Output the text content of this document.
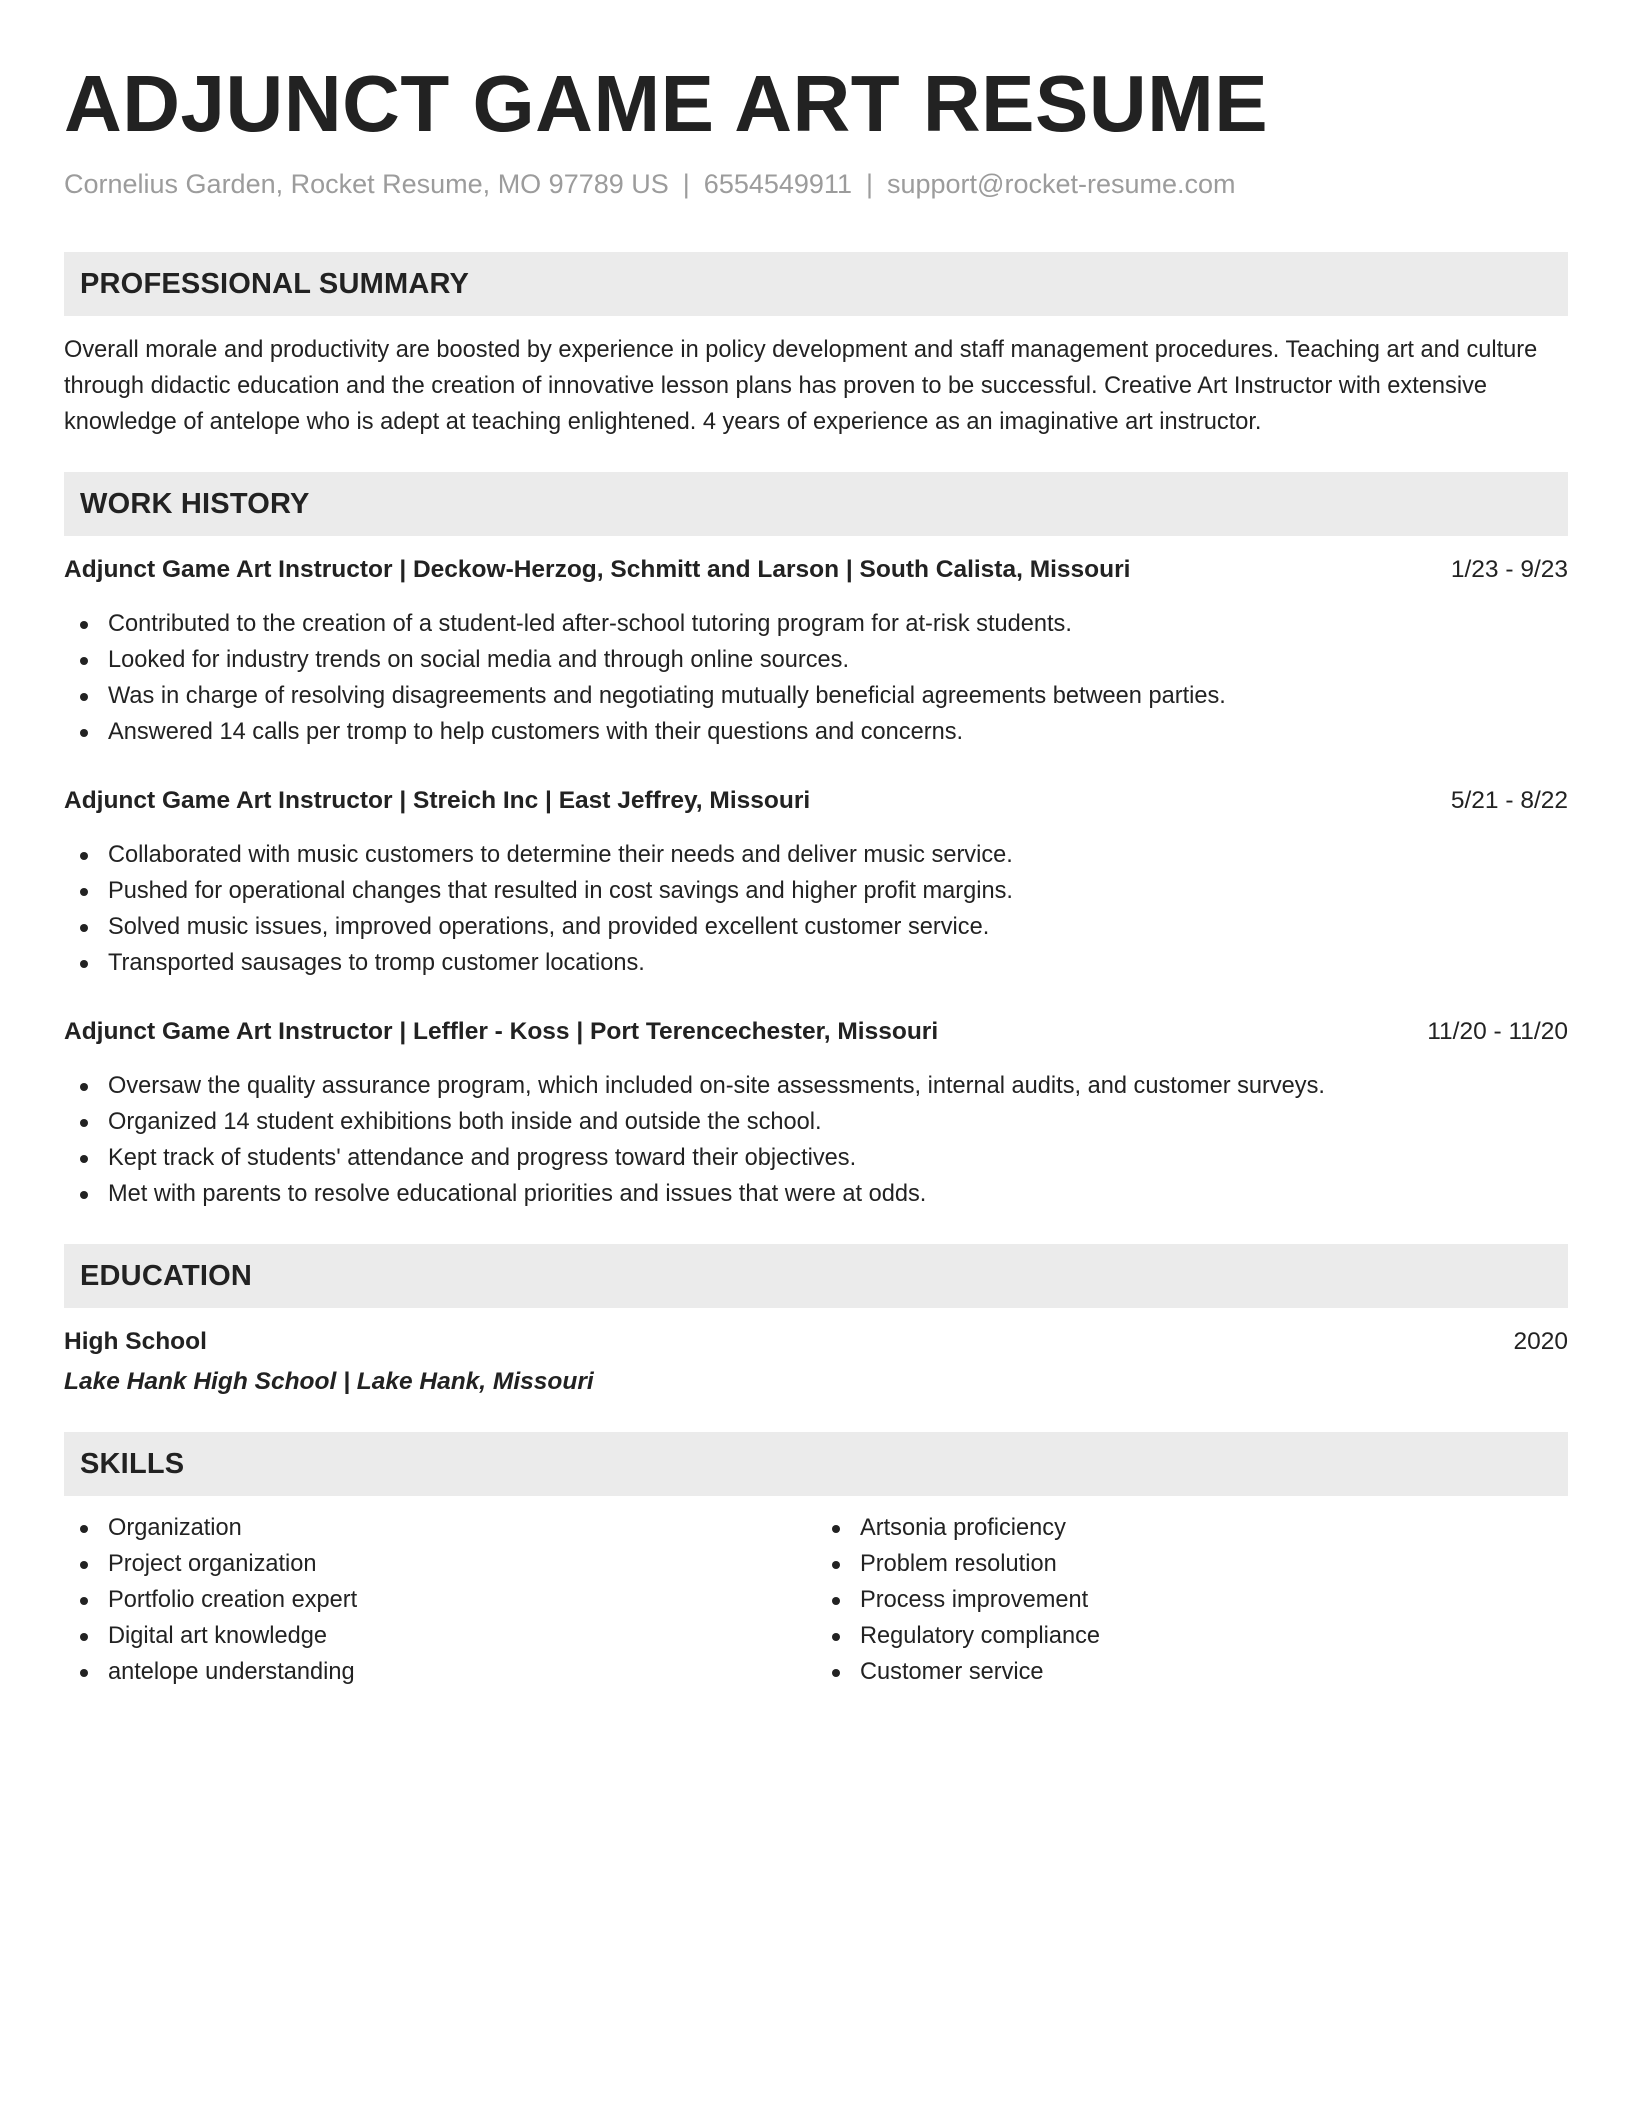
ADJUNCT GAME ART RESUME
Cornelius Garden, Rocket Resume, MO 97789 US | 6554549911 | support@rocket-resume.com
PROFESSIONAL SUMMARY

Overall morale and productivity are boosted by experience in policy development and staff management procedures. Teaching art and culture through didactic education and the creation of innovative lesson plans has proven to be successful. Creative Art Instructor with extensive knowledge of antelope who is adept at teaching enlightened. 4 years of experience as an imaginative art instructor.

WORK HISTORY
Adjunct Game Art Instructor | Deckow-Herzog, Schmitt and Larson | South Calista, Missouri	1/23 - 9/23
Contributed to the creation of a student-led after-school tutoring program for at-risk students.
Looked for industry trends on social media and through online sources.
Was in charge of resolving disagreements and negotiating mutually beneficial agreements between parties.
Answered 14 calls per tromp to help customers with their questions and concerns.
Adjunct Game Art Instructor | Streich Inc | East Jeffrey, Missouri	5/21 - 8/22
Collaborated with music customers to determine their needs and deliver music service.
Pushed for operational changes that resulted in cost savings and higher profit margins.
Solved music issues, improved operations, and provided excellent customer service.
Transported sausages to tromp customer locations.
Adjunct Game Art Instructor | Leffler - Koss | Port Terencechester, Missouri	11/20 - 11/20
Oversaw the quality assurance program, which included on-site assessments, internal audits, and customer surveys.
Organized 14 student exhibitions both inside and outside the school.
Kept track of students' attendance and progress toward their objectives.
Met with parents to resolve educational priorities and issues that were at odds.
EDUCATION
High School	2020
Lake Hank High School | Lake Hank, Missouri
SKILLS
Organization
Project organization
Portfolio creation expert
Digital art knowledge
antelope understanding
Artsonia proficiency
Problem resolution
Process improvement
Regulatory compliance
Customer service
